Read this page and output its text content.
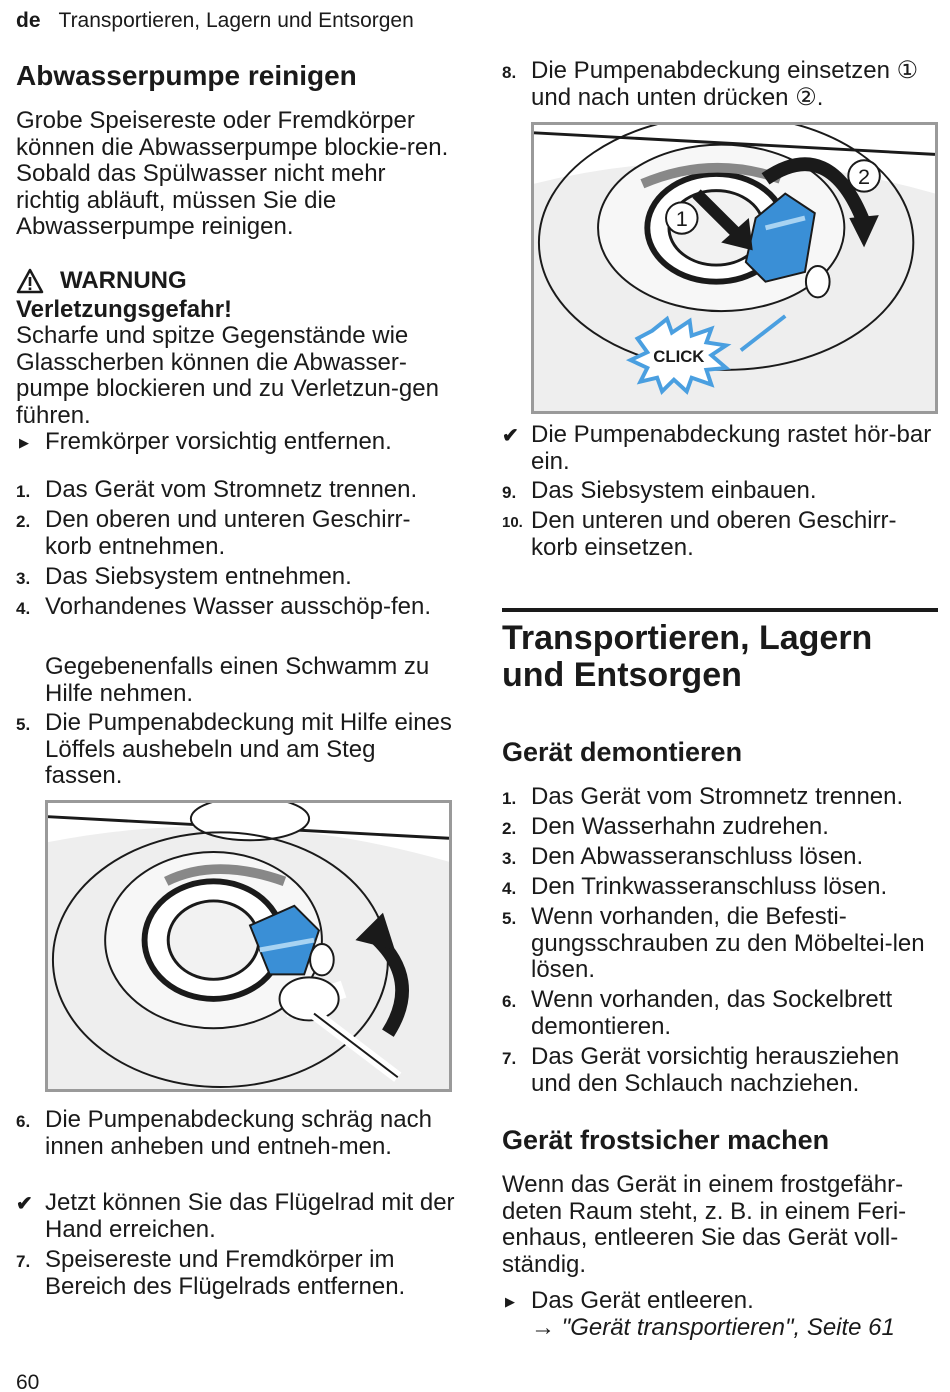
de Transportieren, Lagern und Entsorgen
Abwasserpumpe reinigen

Grobe Speisereste oder Fremdkörper können die Abwasserpumpe blockie-ren. Sobald das Spülwasser nicht mehr richtig abläuft, müssen Sie die Abwasserpumpe reinigen.

WARNUNG
Verletzungsgefahr!

Scharfe und spitze Gegenstände wie Glasscherben können die Abwasser-pumpe blockieren und zu Verletzun-gen führen.

▶ Fremkörper vorsichtig entfernen.
1. Das Gerät vom Stromnetz trennen.
2. Den oberen und unteren Geschirr-korb entnehmen.
3. Das Siebsystem entnehmen.
4. Vorhandenes Wasser ausschöp-fen.
Gegebenenfalls einen Schwamm zu Hilfe nehmen.
5. Die Pumpenabdeckung mit Hilfe eines Löffels aushebeln und am Steg fassen.
6. Die Pumpenabdeckung schräg nach innen anheben und entneh-men.
✔ Jetzt können Sie das Flügelrad mit der Hand erreichen.
7. Speisereste und Fremdkörper im Bereich des Flügelrads entfernen.
8. Die Pumpenabdeckung einsetzen ① und nach unten drücken ②.
✔ Die Pumpenabdeckung rastet hör-bar ein.
9. Das Siebsystem einbauen.
10. Den unteren und oberen Geschirr-korb einsetzen.
Transportieren, Lagern
und Entsorgen
Gerät demontieren
1. Das Gerät vom Stromnetz trennen.
2. Den Wasserhahn zudrehen.
3. Den Abwasseranschluss lösen.
4. Den Trinkwasseranschluss lösen.
5. Wenn vorhanden, die Befesti-gungsschrauben zu den Möbeltei-len lösen.
6. Wenn vorhanden, das Sockelbrett demontieren.
7. Das Gerät vorsichtig herausziehen und den Schlauch nachziehen.
Gerät frostsicher machen

Wenn das Gerät in einem frostgefähr-deten Raum steht, z. B. in einem Feri-enhaus, entleeren Sie das Gerät voll-ständig.

▶ Das Gerät entleeren.
→ "Gerät transportieren", Seite 61
1
2
CLICK
60
